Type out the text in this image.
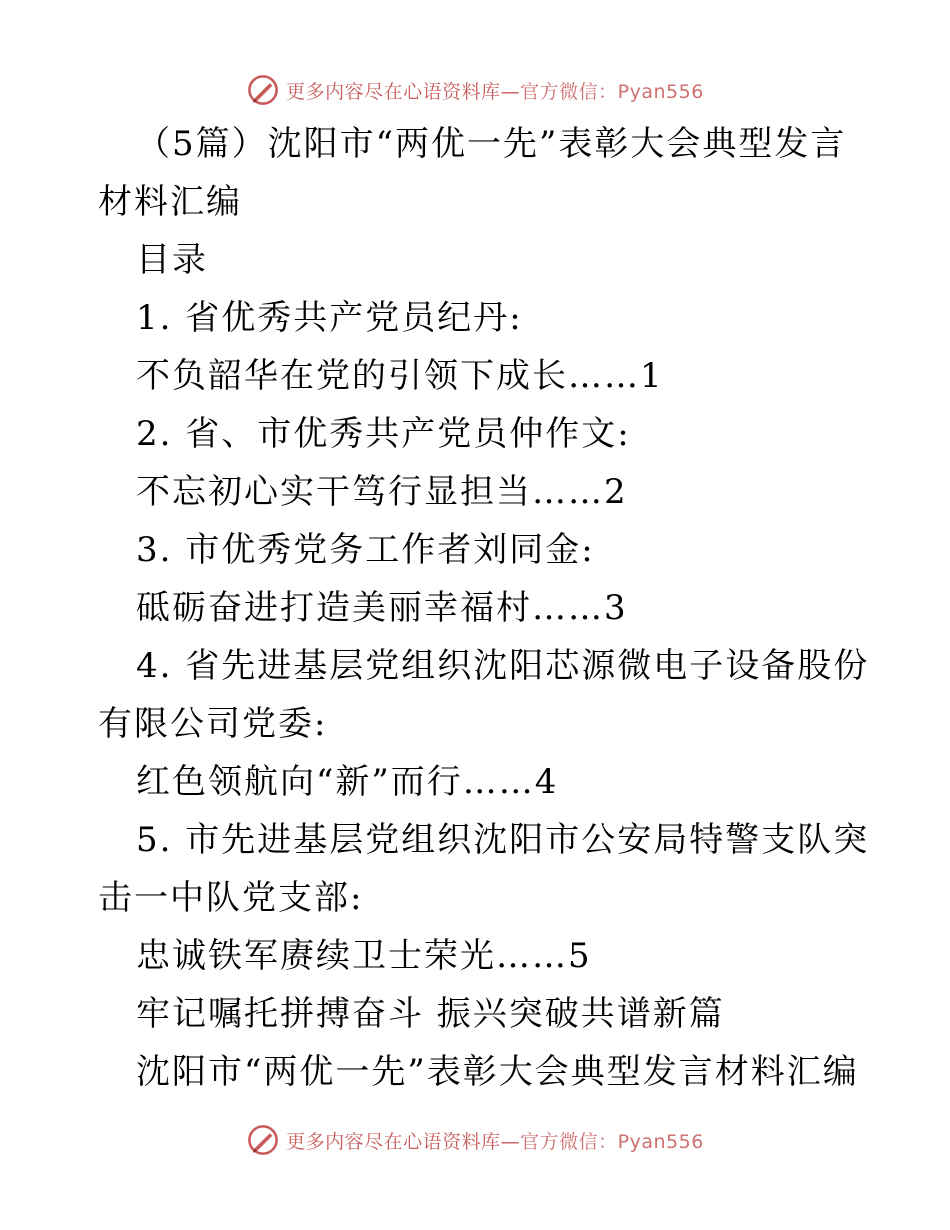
更多内容尽在心语资料库—官方微信：Pyan556
（5篇）沈阳市“两优一先”表彰大会典型发言
材料汇编
目录
1. 省优秀共产党员纪丹:
不负韶华在党的引领下成长……1
2. 省、市优秀共产党员仲作文:
不忘初心实干笃行显担当……2
3. 市优秀党务工作者刘同金:
砥砺奋进打造美丽幸福村……3
4. 省先进基层党组织沈阳芯源微电子设备股份
有限公司党委:
红色领航向“新”而行……4
5. 市先进基层党组织沈阳市公安局特警支队突
击一中队党支部:
忠诚铁军赓续卫士荣光……5
牢记嘱托拼搏奋斗 振兴突破共谱新篇
沈阳市“两优一先”表彰大会典型发言材料汇编
更多内容尽在心语资料库—官方微信：Pyan556
